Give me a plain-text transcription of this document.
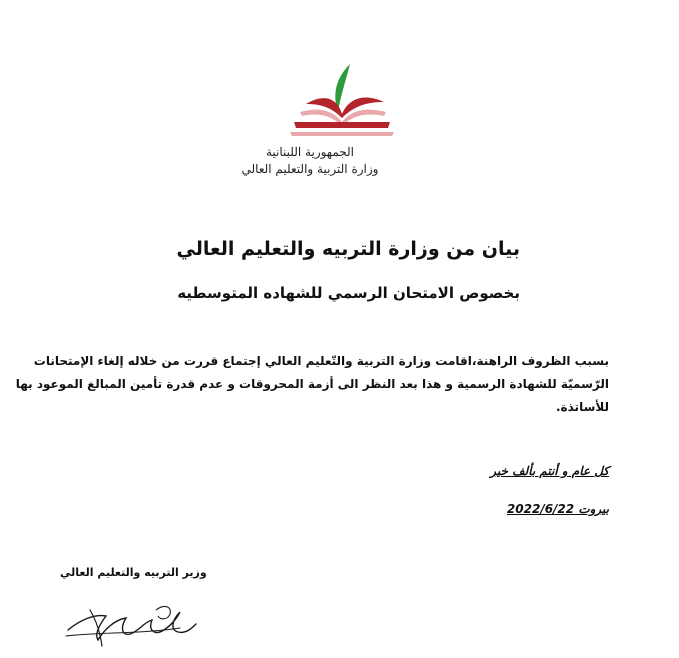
الجمهورية اللبنانية
وزارة التربية والتعليم العالي
بيان من وزارة التربيه والتعليم العالي
بخصوص الامتحان الرسمي للشهاده المتوسطيه
بسبب الظروف الراهنة،اقامت وزارة التربية والتّعليم العالي إجتماع قررت من خلاله إلغاء الإمتحانات
الرّسميّة للشهادة الرسمية و هذا بعد النظر الى أزمة المحروقات و عدم قدرة تأمين المبالغ الموعود بها
للأساتذة.
كل عام و أنتم بألف خير
بيروت 2022/6/22
وزير التربيه والتعليم العالي
